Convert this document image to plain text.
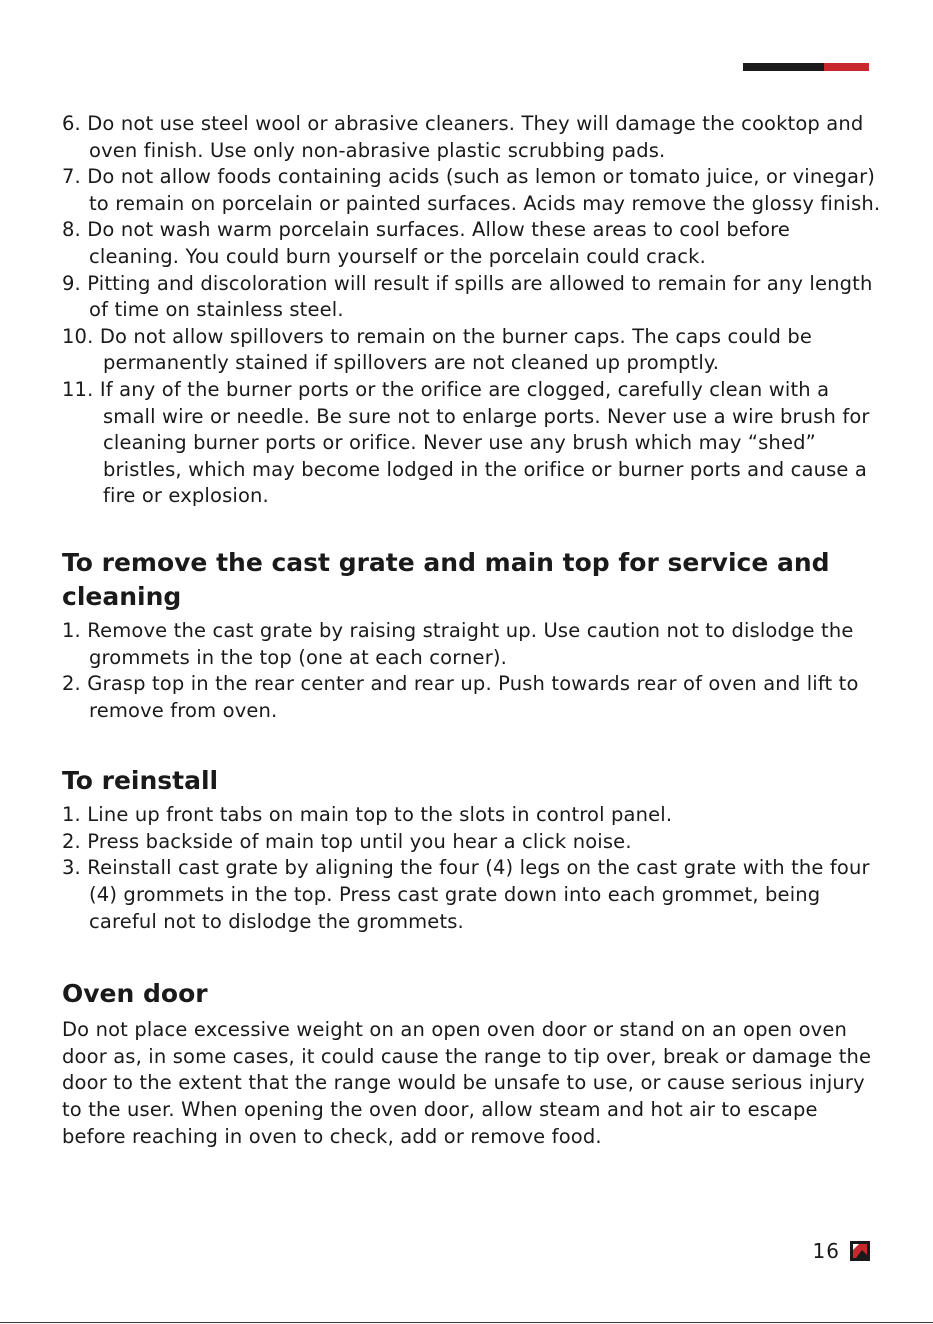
6. Do not use steel wool or abrasive cleaners. They will damage the cooktop and oven finish. Use only non-abrasive plastic scrubbing pads.
7. Do not allow foods containing acids (such as lemon or tomato juice, or vinegar) to remain on porcelain or painted surfaces. Acids may remove the glossy finish.
8. Do not wash warm porcelain surfaces. Allow these areas to cool before cleaning. You could burn yourself or the porcelain could crack.
9. Pitting and discoloration will result if spills are allowed to remain for any length of time on stainless steel.
10. Do not allow spillovers to remain on the burner caps. The caps could be permanently stained if spillovers are not cleaned up promptly.
11. If any of the burner ports or the orifice are clogged, carefully clean with a small wire or needle. Be sure not to enlarge ports. Never use a wire brush for cleaning burner ports or orifice. Never use any brush which may “shed” bristles, which may become lodged in the orifice or burner ports and cause a fire or explosion.
To remove the cast grate and main top for service and cleaning
1. Remove the cast grate by raising straight up. Use caution not to dislodge the grommets in the top (one at each corner).
2. Grasp top in the rear center and rear up. Push towards rear of oven and lift to remove from oven.
To reinstall
1. Line up front tabs on main top to the slots in control panel.
2. Press backside of main top until you hear a click noise.
3. Reinstall cast grate by aligning the four (4) legs on the cast grate with the four (4) grommets in the top. Press cast grate down into each grommet, being careful not to dislodge the grommets.
Oven door

Do not place excessive weight on an open oven door or stand on an open oven door as, in some cases, it could cause the range to tip over, break or damage the door to the extent that the range would be unsafe to use, or cause serious injury to the user. When opening the oven door, allow steam and hot air to escape before reaching in oven to check, add or remove food.

16
